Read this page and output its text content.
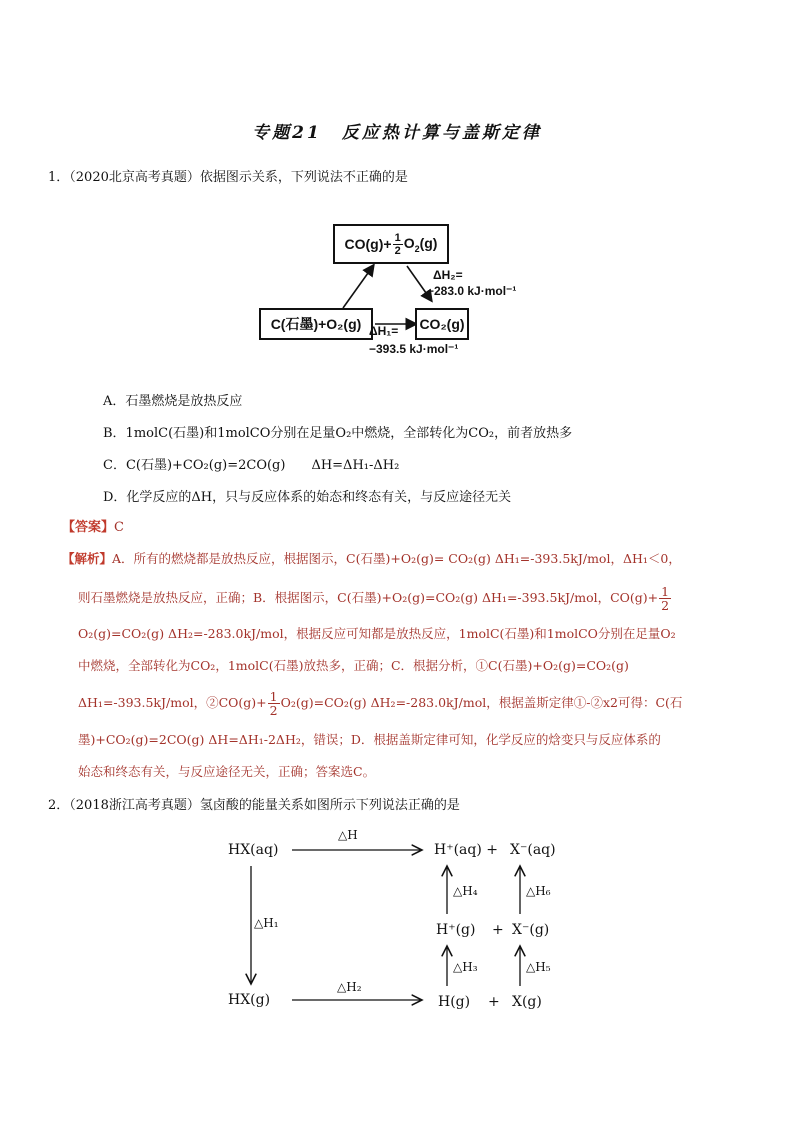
专题21　反应热计算与盖斯定律
1．（2020北京高考真题）依据图示关系，下列说法不正确的是
$CO(g)+ \frac{1}{2} O_2(g)$
C(石墨)+O₂(g)	CO₂(g)
ΔH₂=
−283.0 kJ·mol⁻¹
ΔH₁=
−393.5 kJ·mol⁻¹
A．石墨燃烧是放热反应
B．1molC(石墨)和1molCO分别在足量O₂中燃烧，全部转化为CO₂，前者放热多
C．C(石墨)+CO₂(g)=2CO(g)　　ΔH=ΔH₁-ΔH₂
D．化学反应的ΔH，只与反应体系的始态和终态有关，与反应途径无关
【答案】C
【解析】A．所有的燃烧都是放热反应，根据图示，C(石墨)+O₂(g)= CO₂(g) ΔH₁=-393.5kJ/mol，ΔH₁＜0，
则石墨燃烧是放热反应，正确；B．根据图示，C(石墨)+O₂(g)=CO₂(g) ΔH₁=-393.5kJ/mol，$CO(g)+ \frac{1}{2}$
O₂(g)=CO₂(g) ΔH₂=-283.0kJ/mol，根据反应可知都是放热反应，1molC(石墨)和1molCO分别在足量O₂
中燃烧，全部转化为CO₂，1molC(石墨)放热多，正确；C．根据分析，①C(石墨)+O₂(g)=CO₂(g)
ΔH₁=-393.5kJ/mol，②CO(g)+ $\frac{1}{2} O_2(g)=CO_2(g)$ ΔH₂=-283.0kJ/mol，根据盖斯定律①-②x2可得：C(石
墨)+CO₂(g)=2CO(g) ΔH=ΔH₁-2ΔH₂，错误；D．根据盖斯定律可知，化学反应的焓变只与反应体系的
始态和终态有关，与反应途径无关，正确；答案选C。
2．（2018浙江高考真题）氢卤酸的能量关系如图所示下列说法正确的是
HX(aq)	H⁺(aq) + X⁻(aq)
△H
△H₁
△H₂
△H₄	△H₆
H⁺(g) + X⁻(g)
△H₃	△H₅
HX(g)	H(g) + X(g)
